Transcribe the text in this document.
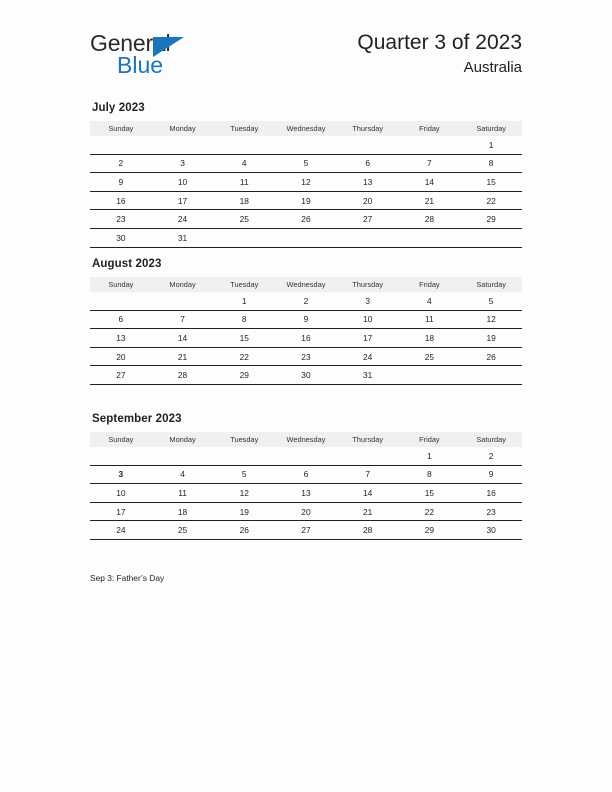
General
Blue
Quarter 3 of 2023
Australia
July 2023
Sunday	Monday	Tuesday	Wednesday	Thursday	Friday	Saturday
						1
2	3	4	5	6	7	8
9	10	11	12	13	14	15
16	17	18	19	20	21	22
23	24	25	26	27	28	29
30	31					
August 2023
Sunday	Monday	Tuesday	Wednesday	Thursday	Friday	Saturday
		1	2	3	4	5
6	7	8	9	10	11	12
13	14	15	16	17	18	19
20	21	22	23	24	25	26
27	28	29	30	31		
September 2023
Sunday	Monday	Tuesday	Wednesday	Thursday	Friday	Saturday
					1	2
3	4	5	6	7	8	9
10	11	12	13	14	15	16
17	18	19	20	21	22	23
24	25	26	27	28	29	30
Sep 3: Father’s Day
